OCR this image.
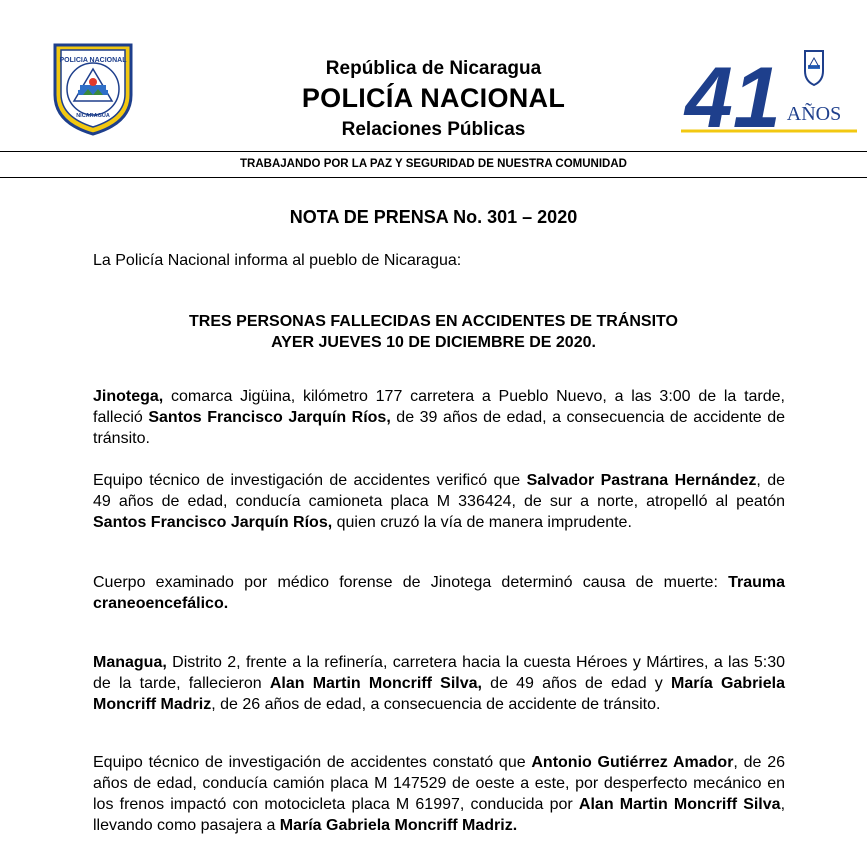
POLICIA NACIONAL
NICARAGUA
República de Nicaragua
POLICÍA NACIONAL
Relaciones Públicas	41 AÑOS
TRABAJANDO POR LA PAZ Y SEGURIDAD DE NUESTRA COMUNIDAD
NOTA DE PRENSA No. 301 – 2020
La Policía Nacional informa al pueblo de Nicaragua:
TRES PERSONAS FALLECIDAS EN ACCIDENTES DE TRÁNSITO
AYER JUEVES 10 DE DICIEMBRE DE 2020.
Jinotega, comarca Jigüina, kilómetro 177 carretera a Pueblo Nuevo, a las 3:00 de la tarde, falleció Santos Francisco Jarquín Ríos, de 39 años de edad, a consecuencia de accidente de tránsito.
Equipo técnico de investigación de accidentes verificó que Salvador Pastrana Hernández, de 49 años de edad, conducía camioneta placa M 336424, de sur a norte, atropelló al peatón Santos Francisco Jarquín Ríos, quien cruzó la vía de manera imprudente.
Cuerpo examinado por médico forense de Jinotega determinó causa de muerte: Trauma craneoencefálico.
Managua, Distrito 2, frente a la refinería, carretera hacia la cuesta Héroes y Mártires, a las 5:30 de la tarde, fallecieron Alan Martin Moncriff Silva, de 49 años de edad y María Gabriela Moncriff Madriz, de 26 años de edad, a consecuencia de accidente de tránsito.
Equipo técnico de investigación de accidentes constató que Antonio Gutiérrez Amador, de 26 años de edad, conducía camión placa M 147529 de oeste a este, por desperfecto mecánico en los frenos impactó con motocicleta placa M 61997, conducida por Alan Martin Moncriff Silva, llevando como pasajera a María Gabriela Moncriff Madriz.
